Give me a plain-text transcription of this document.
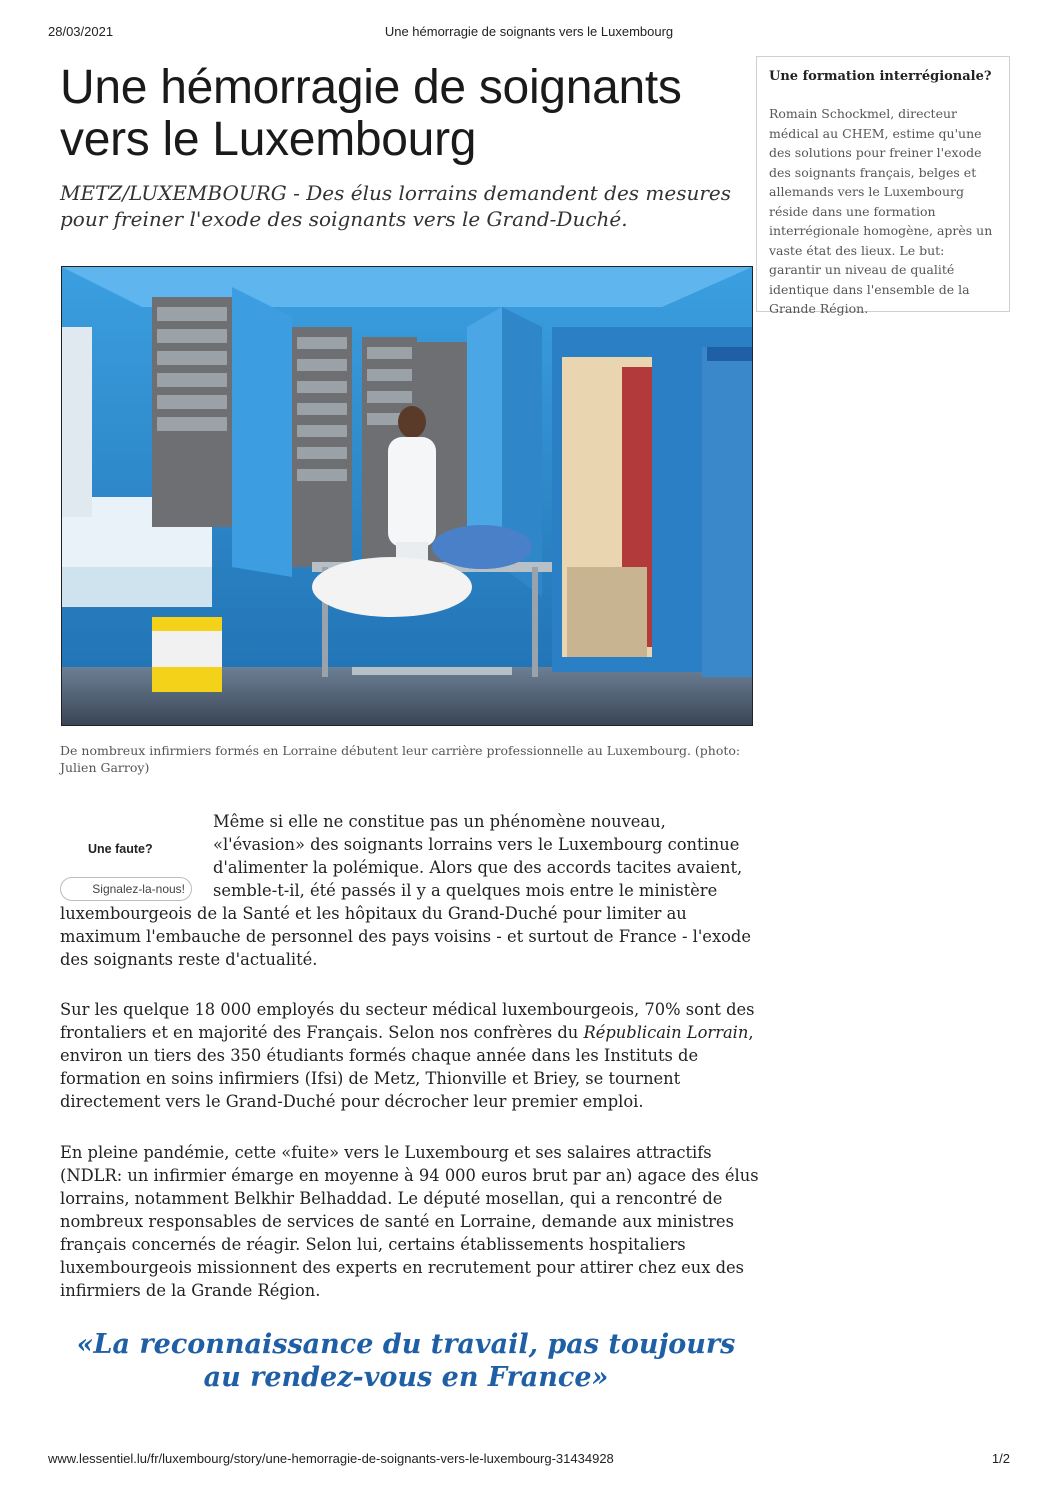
28/03/2021	Une hémorragie de soignants vers le Luxembourg
Une hémorragie de soignants vers le Luxembourg

METZ/LUXEMBOURG - Des élus lorrains demandent des mesures pour freiner l'exode des soignants vers le Grand-Duché.

De nombreux infirmiers formés en Lorraine débutent leur carrière professionnelle au Luxembourg. (photo: Julien Garroy)

Une formation interrégionale?

Romain Schockmel, directeur médical au CHEM, estime qu'une des solutions pour freiner l'exode des soignants français, belges et allemands vers le Luxembourg réside dans une formation interrégionale homogène, après un vaste état des lieux. Le but: garantir un niveau de qualité identique dans l'ensemble de la Grande Région.

Une faute?
Signalez-la-nous!

Même si elle ne constitue pas un phénomène nouveau,
«l'évasion» des soignants lorrains vers le Luxembourg continue
d'alimenter la polémique. Alors que des accords tacites avaient,
semble-t-il, été passés il y a quelques mois entre le ministère
luxembourgeois de la Santé et les hôpitaux du Grand-Duché pour limiter au maximum l'embauche de personnel des pays voisins - et surtout de France - l'exode des soignants reste d'actualité.

Sur les quelque 18 000 employés du secteur médical luxembourgeois, 70% sont des frontaliers et en majorité des Français. Selon nos confrères du Républicain Lorrain, environ un tiers des 350 étudiants formés chaque année dans les Instituts de formation en soins infirmiers (Ifsi) de Metz, Thionville et Briey, se tournent directement vers le Grand-Duché pour décrocher leur premier emploi.

En pleine pandémie, cette «fuite» vers le Luxembourg et ses salaires attractifs (NDLR: un infirmier émarge en moyenne à 94 000 euros brut par an) agace des élus lorrains, notamment Belkhir Belhaddad. Le député mosellan, qui a rencontré de nombreux responsables de services de santé en Lorraine, demande aux ministres français concernés de réagir. Selon lui, certains établissements hospitaliers luxembourgeois missionnent des experts en recrutement pour attirer chez eux des infirmiers de la Grande Région.

«La reconnaissance du travail, pas toujours au rendez-vous en France»
www.lessentiel.lu/fr/luxembourg/story/une-hemorragie-de-soignants-vers-le-luxembourg-31434928	1/2
